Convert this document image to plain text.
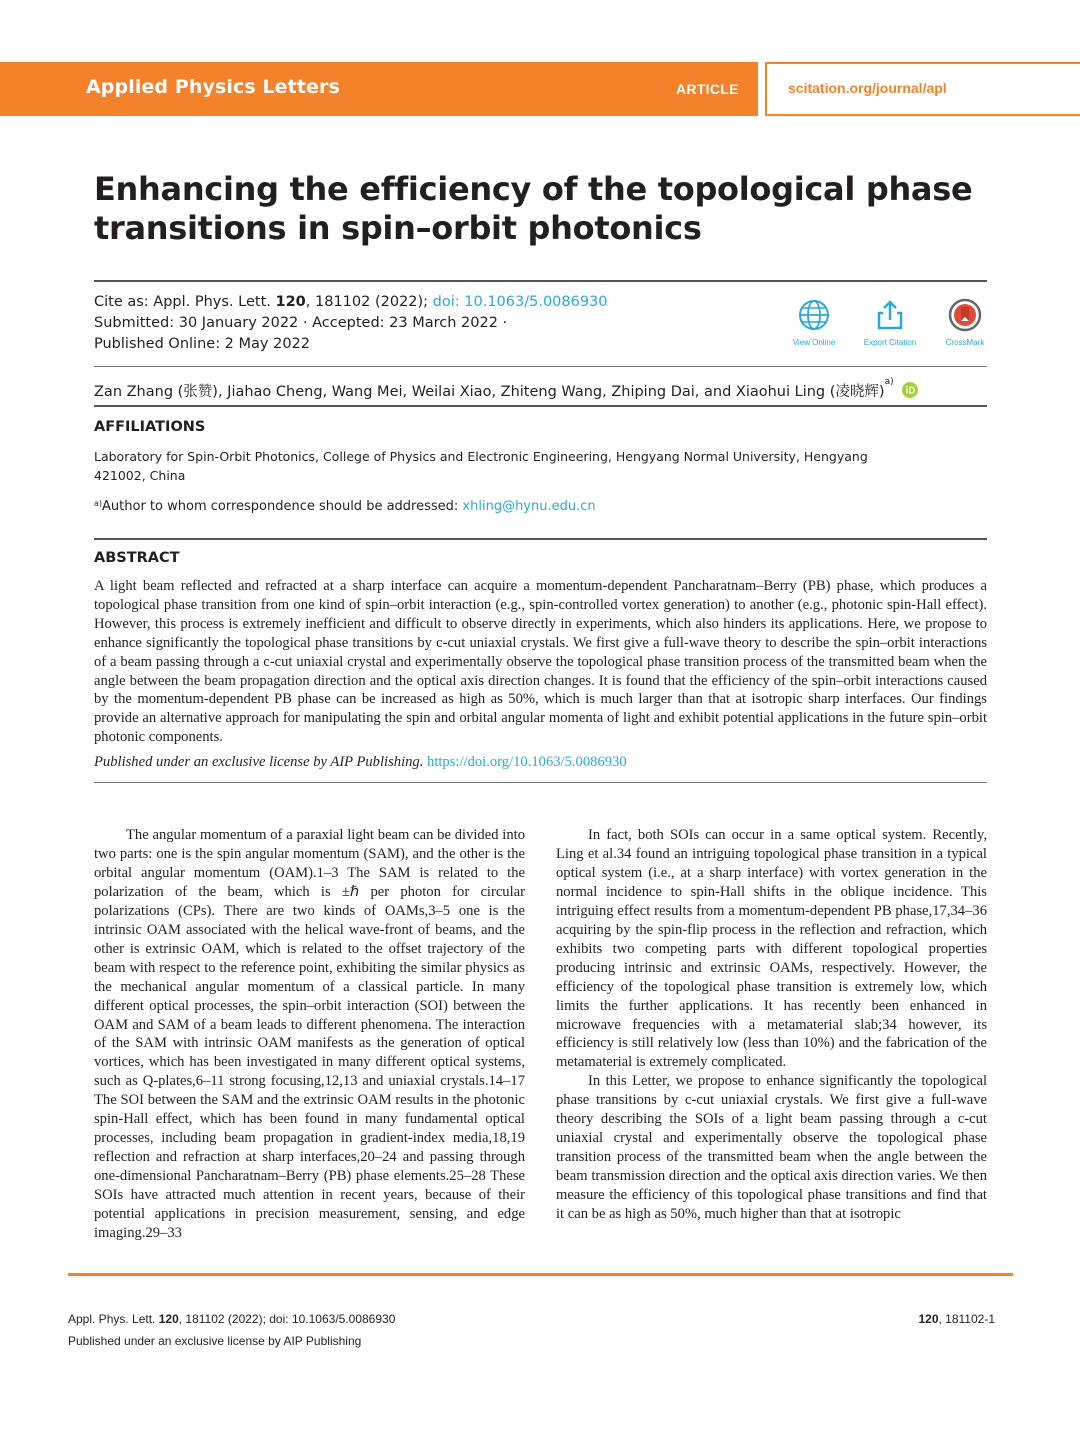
Applied Physics Letters	ARTICLE	scitation.org/journal/apl
Enhancing the efficiency of the topological phase transitions in spin–orbit photonics
Cite as: Appl. Phys. Lett. 120, 181102 (2022); doi: 10.1063/5.0086930
Submitted: 30 January 2022 · Accepted: 23 March 2022 ·
Published Online: 2 May 2022	View Online	Export Citation	CrossMark
Zan Zhang (张赞), Jiahao Cheng, Wang Mei, Weilai Xiao, Zhiteng Wang, Zhiping Dai, and Xiaohui Ling (凌晓辉)$^{a)}$
AFFILIATIONS
Laboratory for Spin-Orbit Photonics, College of Physics and Electronic Engineering, Hengyang Normal University, Hengyang 421002, China
$^{a)}$Author to whom correspondence should be addressed: xhling@hynu.edu.cn
ABSTRACT
A light beam reflected and refracted at a sharp interface can acquire a momentum-dependent Pancharatnam–Berry (PB) phase, which produces a topological phase transition from one kind of spin–orbit interaction (e.g., spin-controlled vortex generation) to another (e.g., photonic spin-Hall effect). However, this process is extremely inefficient and difficult to observe directly in experiments, which also hinders its applications. Here, we propose to enhance significantly the topological phase transitions by c-cut uniaxial crystals. We first give a full-wave theory to describe the spin–orbit interactions of a beam passing through a c-cut uniaxial crystal and experimentally observe the topological phase transition process of the transmitted beam when the angle between the beam propagation direction and the optical axis direction changes. It is found that the efficiency of the spin–orbit interactions caused by the momentum-dependent PB phase can be increased as high as 50%, which is much larger than that at isotropic sharp interfaces. Our findings provide an alternative approach for manipulating the spin and orbital angular momenta of light and exhibit potential applications in the future spin–orbit photonic components.
Published under an exclusive license by AIP Publishing. https://doi.org/10.1063/5.0086930

The angular momentum of a paraxial light beam can be divided into two parts: one is the spin angular momentum (SAM), and the other is the orbital angular momentum (OAM).1–3 The SAM is related to the polarization of the beam, which is ±ℏ per photon for circular polarizations (CPs). There are two kinds of OAMs,3–5 one is the intrinsic OAM associated with the helical wave-front of beams, and the other is extrinsic OAM, which is related to the offset trajectory of the beam with respect to the reference point, exhibiting the similar physics as the mechanical angular momentum of a classical particle. In many different optical processes, the spin–orbit interaction (SOI) between the OAM and SAM of a beam leads to different phenomena. The interaction of the SAM with intrinsic OAM manifests as the generation of optical vortices, which has been investigated in many different optical systems, such as Q-plates,6–11 strong focusing,12,13 and uniaxial crystals.14–17 The SOI between the SAM and the extrinsic OAM results in the photonic spin-Hall effect, which has been found in many fundamental optical processes, including beam propagation in gradient-index media,18,19 reflection and refraction at sharp interfaces,20–24 and passing through one-dimensional Pancharatnam–Berry (PB) phase elements.25–28 These SOIs have attracted much attention in recent years, because of their potential applications in precision measurement, sensing, and edge imaging.29–33

In fact, both SOIs can occur in a same optical system. Recently, Ling et al.34 found an intriguing topological phase transition in a typical optical system (i.e., at a sharp interface) with vortex generation in the normal incidence to spin-Hall shifts in the oblique incidence. This intriguing effect results from a momentum-dependent PB phase,17,34–36 acquiring by the spin-flip process in the reflection and refraction, which exhibits two competing parts with different topological properties producing intrinsic and extrinsic OAMs, respectively. However, the efficiency of the topological phase transition is extremely low, which limits the further applications. It has recently been enhanced in microwave frequencies with a metamaterial slab;34 however, its efficiency is still relatively low (less than 10%) and the fabrication of the metamaterial is extremely complicated.

In this Letter, we propose to enhance significantly the topological phase transitions by c-cut uniaxial crystals. We first give a full-wave theory describing the SOIs of a light beam passing through a c-cut uniaxial crystal and experimentally observe the topological phase transition process of the transmitted beam when the angle between the beam transmission direction and the optical axis direction varies. We then measure the efficiency of this topological phase transitions and find that it can be as high as 50%, much higher than that at isotropic

Appl. Phys. Lett. 120, 181102 (2022); doi: 10.1063/5.0086930
Published under an exclusive license by AIP Publishing
120, 181102-1
